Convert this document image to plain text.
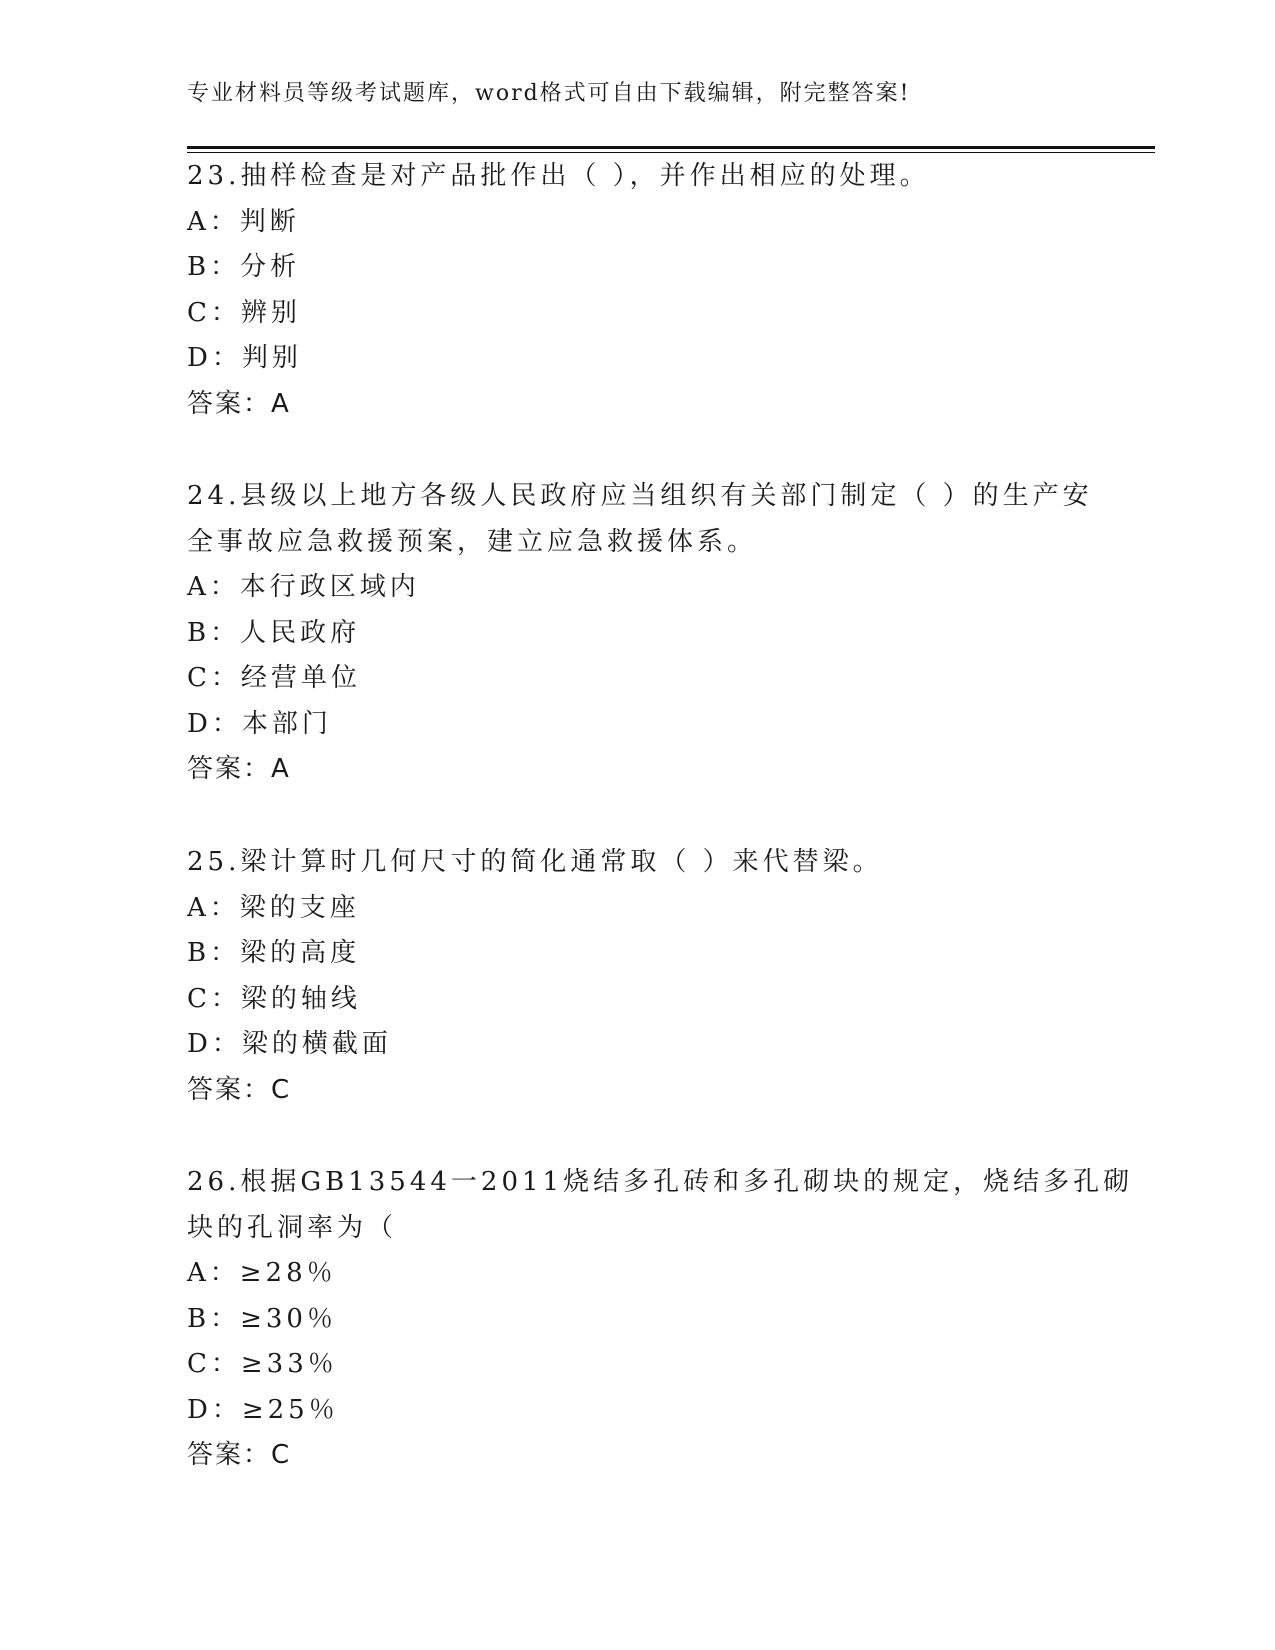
专业材料员等级考试题库，word格式可自由下载编辑，附完整答案!
23.抽样检查是对产品批作出（ ），并作出相应的处理。
A：判断
B：分析
C：辨别
D：判别
答案：A
24.县级以上地方各级人民政府应当组织有关部门制定（ ）的生产安
全事故应急救援预案，建立应急救援体系。
A：本行政区域内
B：人民政府
C：经营单位
D：本部门
答案：A
25.梁计算时几何尺寸的简化通常取（ ）来代替梁。
A：梁的支座
B：梁的高度
C：梁的轴线
D：梁的横截面
答案：C
26.根据GB13544一2011烧结多孔砖和多孔砌块的规定，烧结多孔砌
块的孔洞率为（
A：≥28％
B：≥30％
C：≥33％
D：≥25％
答案：C
